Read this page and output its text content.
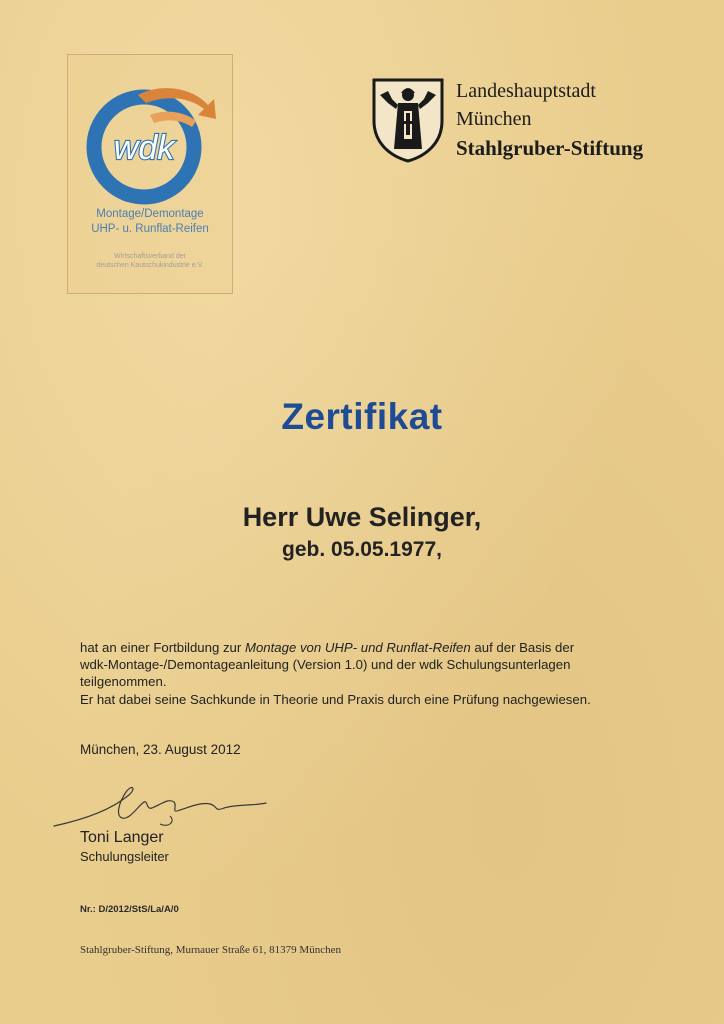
wdk
Montage/Demontage
UHP- u. Runflat-Reifen
Wirtschaftsverband der
deutschen Kautschukindustrie e.V.
Landeshauptstadt
München
Stahlgruber-Stiftung
Zertifikat
Herr Uwe Selinger,
geb. 05.05.1977,
hat an einer Fortbildung zur Montage von UHP- und Runflat-Reifen auf der Basis der
wdk-Montage-/Demontageanleitung (Version 1.0) und der wdk Schulungsunterlagen
teilgenommen.
Er hat dabei seine Sachkunde in Theorie und Praxis durch eine Prüfung nachgewiesen.
München, 23. August 2012
Toni Langer
Schulungsleiter
Nr.: D/2012/StS/La/A/0
Stahlgruber-Stiftung, Murnauer Straße 61, 81379 München
